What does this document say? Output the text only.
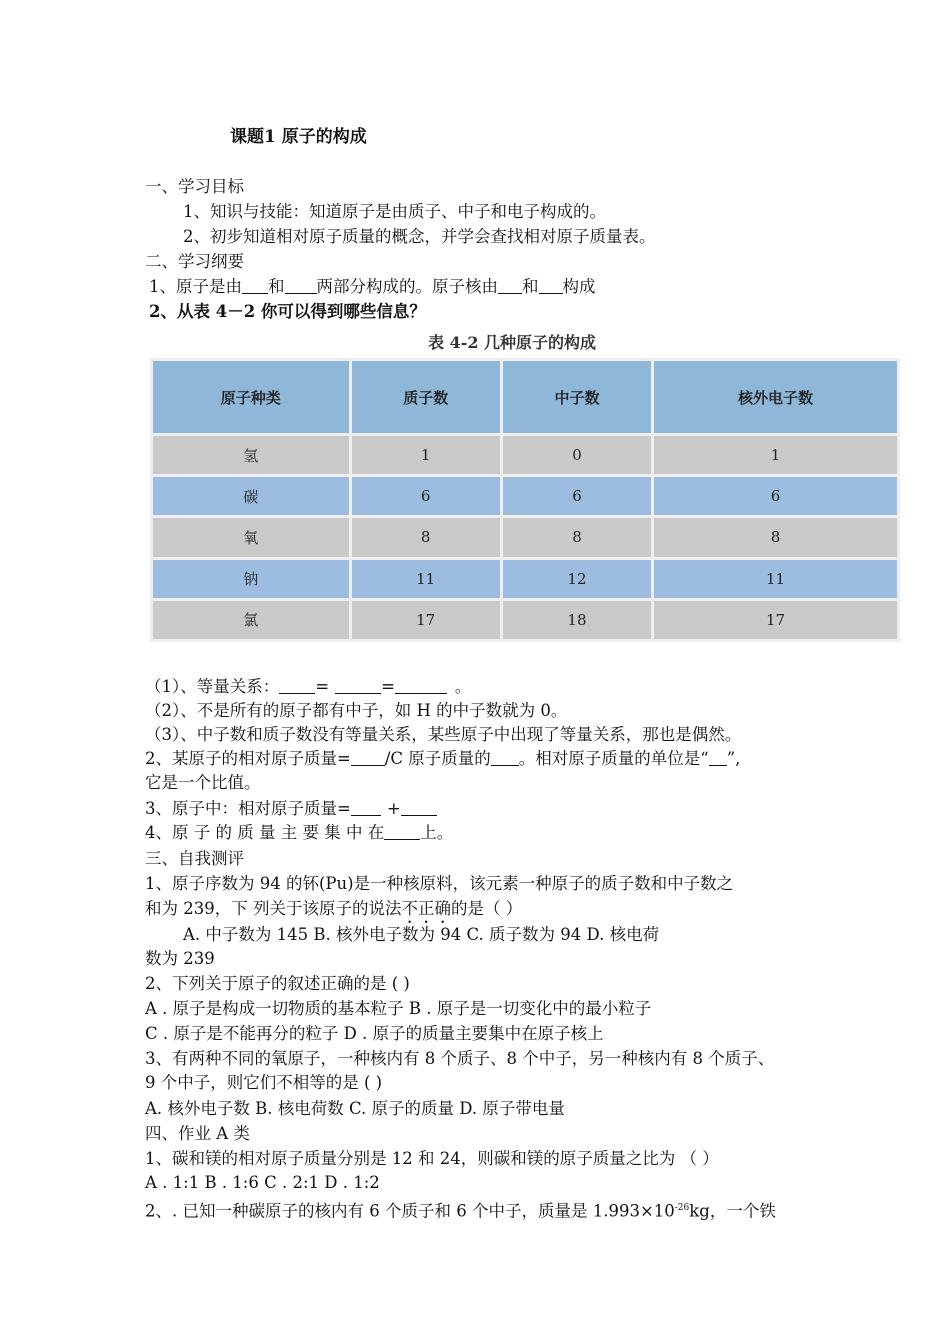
课题1 原子的构成
一、学习目标
1、知识与技能：知道原子是由质子、中子和电子构成的。
2、初步知道相对原子质量的概念，并学会查找相对原子质量表。
二、学习纲要
1、原子是由 和 两部分构成的。原子核由 和 构成
2、从表 4－2 你可以得到哪些信息？
表 4-2 几种原子的构成
原子种类	质子数	中子数	核外电子数
氢	1	0	1
碳	6	6	6
氧	8	8	8
钠	11	12	11
氯	17	18	17
（1）、等量关系： =	=	。
（2）、不是所有的原子都有中子，如 H 的中子数就为 0。
（3）、中子数和质子数没有等量关系，某些原子中出现了等量关系，那也是偶然。
2、某原子的相对原子质量= /C 原子质量的 。相对原子质量的单位是“ ”,
它是一个比值。
3、原子中：相对原子质量= +
4、原 子 的 质 量 主 要 集 中 在 上。
三、自我测评
1、原子序数为 94 的钚(Pu)是一种核原料，该元素一种原子的质子数和中子数之
和为 239，下 列关于该原子的说法不正确的是（ ）
A. 中子数为 145 B. 核外电子数为 94 C. 质子数为 94 D. 核电荷
数为 239
2、下列关于原子的叙述正确的是 ( )
A . 原子是构成一切物质的基本粒子 B . 原子是一切变化中的最小粒子
C . 原子是不能再分的粒子 D . 原子的质量主要集中在原子核上
3、有两种不同的氧原子，一种核内有 8 个质子、8 个中子，另一种核内有 8 个质子、
9 个中子，则它们不相等的是 ( )
A. 核外电子数 B. 核电荷数 C. 原子的质量 D. 原子带电量
四、作业 A 类
1、碳和镁的相对原子质量分别是 12 和 24，则碳和镁的原子质量之比为 （ ）
A . 1:1 B . 1:6 C . 2:1 D . 1:2
2、. 已知一种碳原子的核内有 6 个质子和 6 个中子，质量是 $1.993\times 10^{-26}kg$，一个铁
